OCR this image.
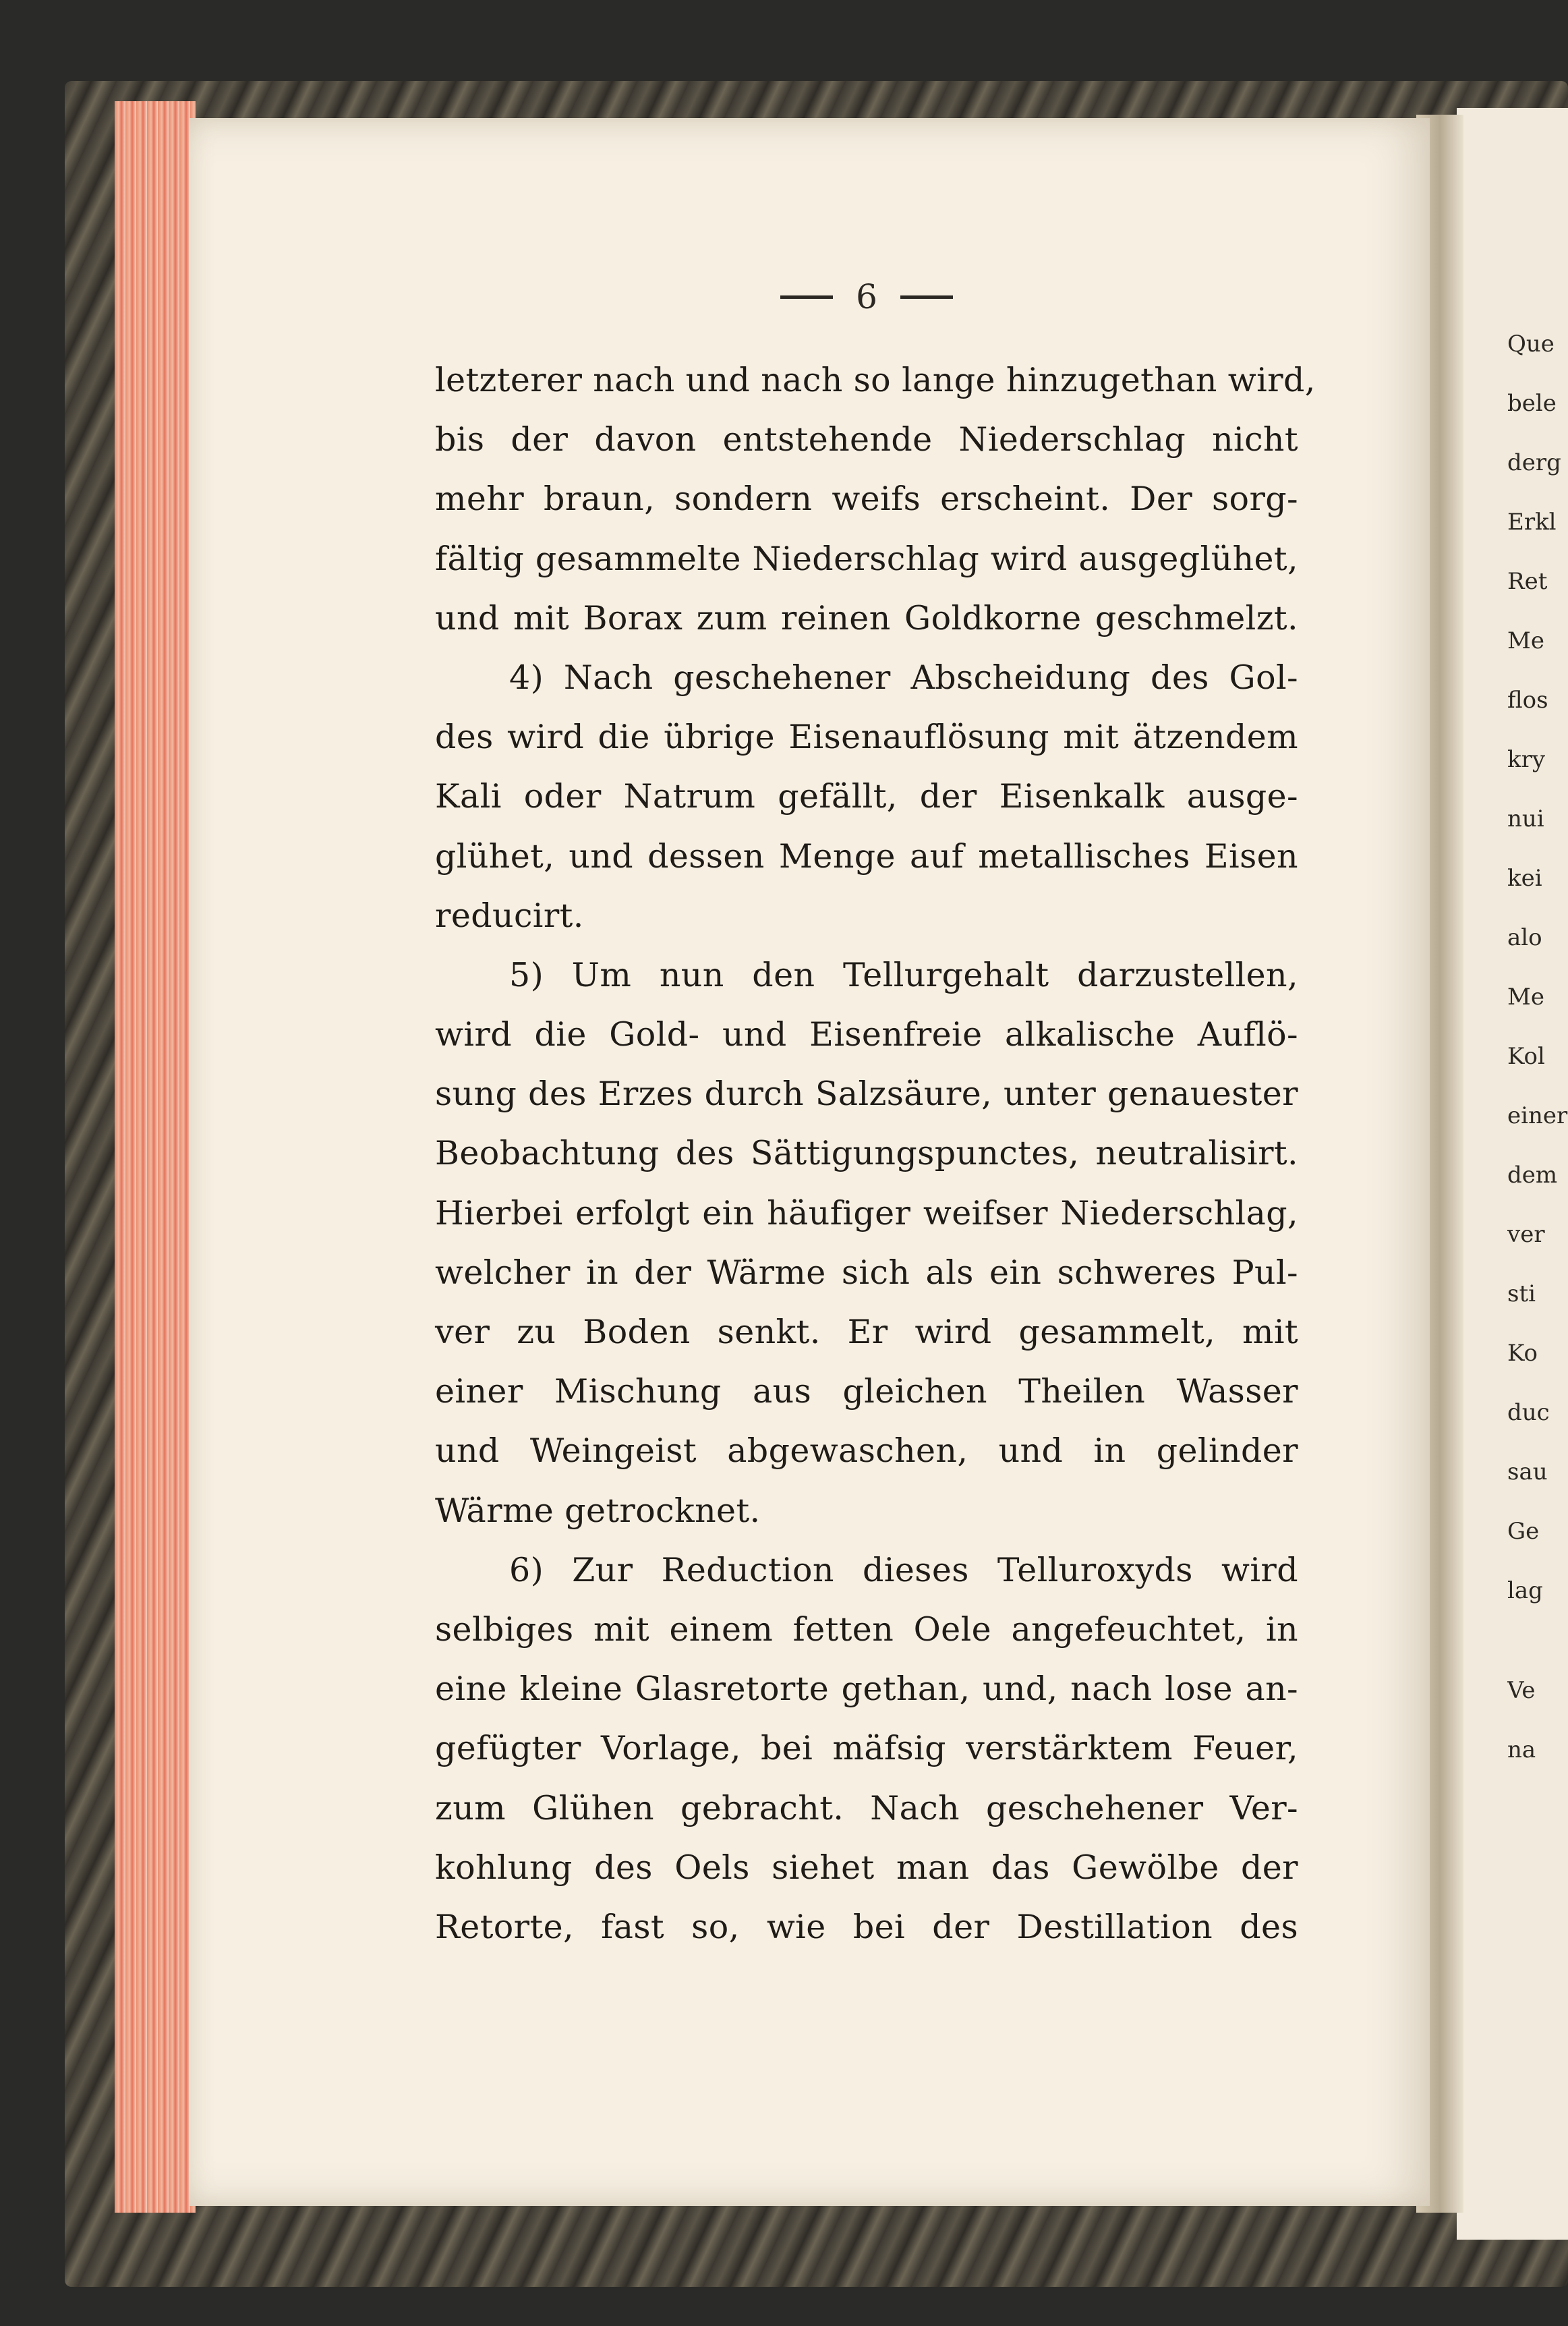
6
letzterer nach und nach so lange hinzugethan wird,
bis der davon entstehende Niederschlag nicht
mehr braun, sondern weifs erscheint. Der sorg-
fältig gesammelte Niederschlag wird ausgeglühet,
und mit Borax zum reinen Goldkorne geschmelzt.
4) Nach geschehener Abscheidung des Gol-
des wird die übrige Eisenauflösung mit ätzendem
Kali oder Natrum gefällt, der Eisenkalk ausge-
glühet, und dessen Menge auf metallisches Eisen
reducirt.
5) Um nun den Tellurgehalt darzustellen,
wird die Gold- und Eisenfreie alkalische Auflö-
sung des Erzes durch Salzsäure, unter genauester
Beobachtung des Sättigungspunctes, neutralisirt.
Hierbei erfolgt ein häufiger weifser Niederschlag,
welcher in der Wärme sich als ein schweres Pul-
ver zu Boden senkt. Er wird gesammelt, mit
einer Mischung aus gleichen Theilen Wasser
und Weingeist abgewaschen, und in gelinder
Wärme getrocknet.
6) Zur Reduction dieses Telluroxyds wird
selbiges mit einem fetten Oele angefeuchtet, in
eine kleine Glasretorte gethan, und, nach lose an-
gefügter Vorlage, bei mäfsig verstärktem Feuer,
zum Glühen gebracht. Nach geschehener Ver-
kohlung des Oels siehet man das Gewölbe der
Retorte, fast so, wie bei der Destillation des
Que
bele
derg
Erkl
Ret
Me
flos
kry
nui
kei
alo
Me
Kol
einer
dem
ver
sti
Ko
duc
sau
Ge
lag
Ve
na
